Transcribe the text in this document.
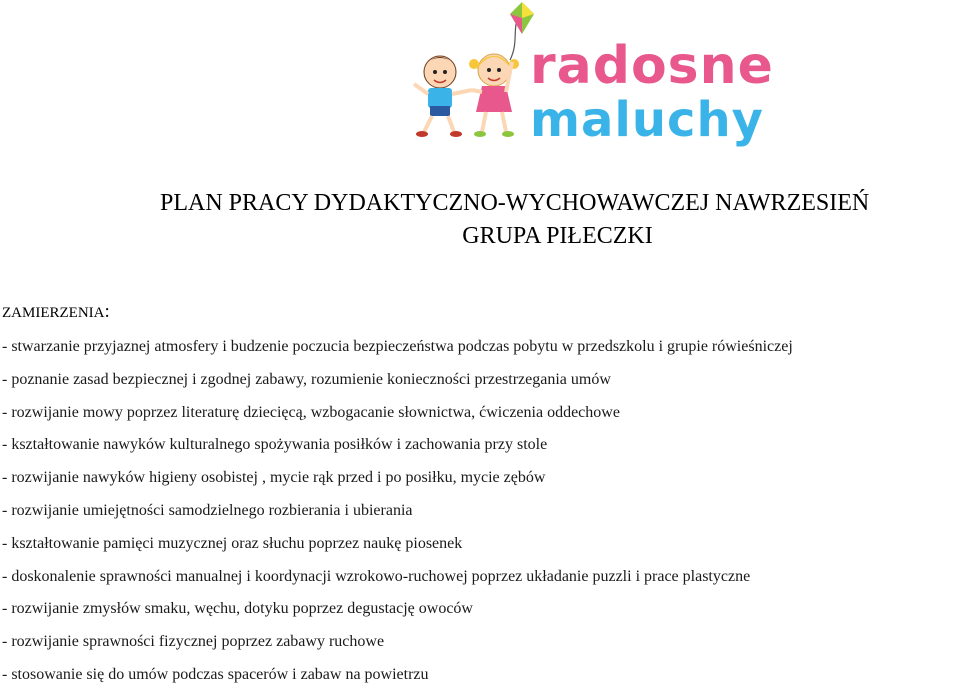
radosne
maluchy
PLAN PRACY DYDAKTYCZNO-WYCHOWAWCZEJ NAWRZESIEŃ
GRUPA PIŁECZKI
ZAMIERZENIA:
- stwarzanie przyjaznej atmosfery i budzenie poczucia bezpieczeństwa podczas pobytu w przedszkolu i grupie rówieśniczej
- poznanie zasad bezpiecznej i zgodnej zabawy, rozumienie konieczności przestrzegania umów
- rozwijanie mowy poprzez literaturę dziecięcą, wzbogacanie słownictwa, ćwiczenia oddechowe
- kształtowanie nawyków kulturalnego spożywania posiłków i zachowania przy stole
- rozwijanie nawyków higieny osobistej , mycie rąk przed i po posiłku, mycie zębów
- rozwijanie umiejętności samodzielnego rozbierania i ubierania
- kształtowanie pamięci muzycznej oraz słuchu poprzez naukę piosenek
- doskonalenie sprawności manualnej i koordynacji wzrokowo-ruchowej poprzez układanie puzzli i prace plastyczne
- rozwijanie zmysłów smaku, węchu, dotyku poprzez degustację owoców
- rozwijanie sprawności fizycznej poprzez zabawy ruchowe
- stosowanie się do umów podczas spacerów i zabaw na powietrzu
